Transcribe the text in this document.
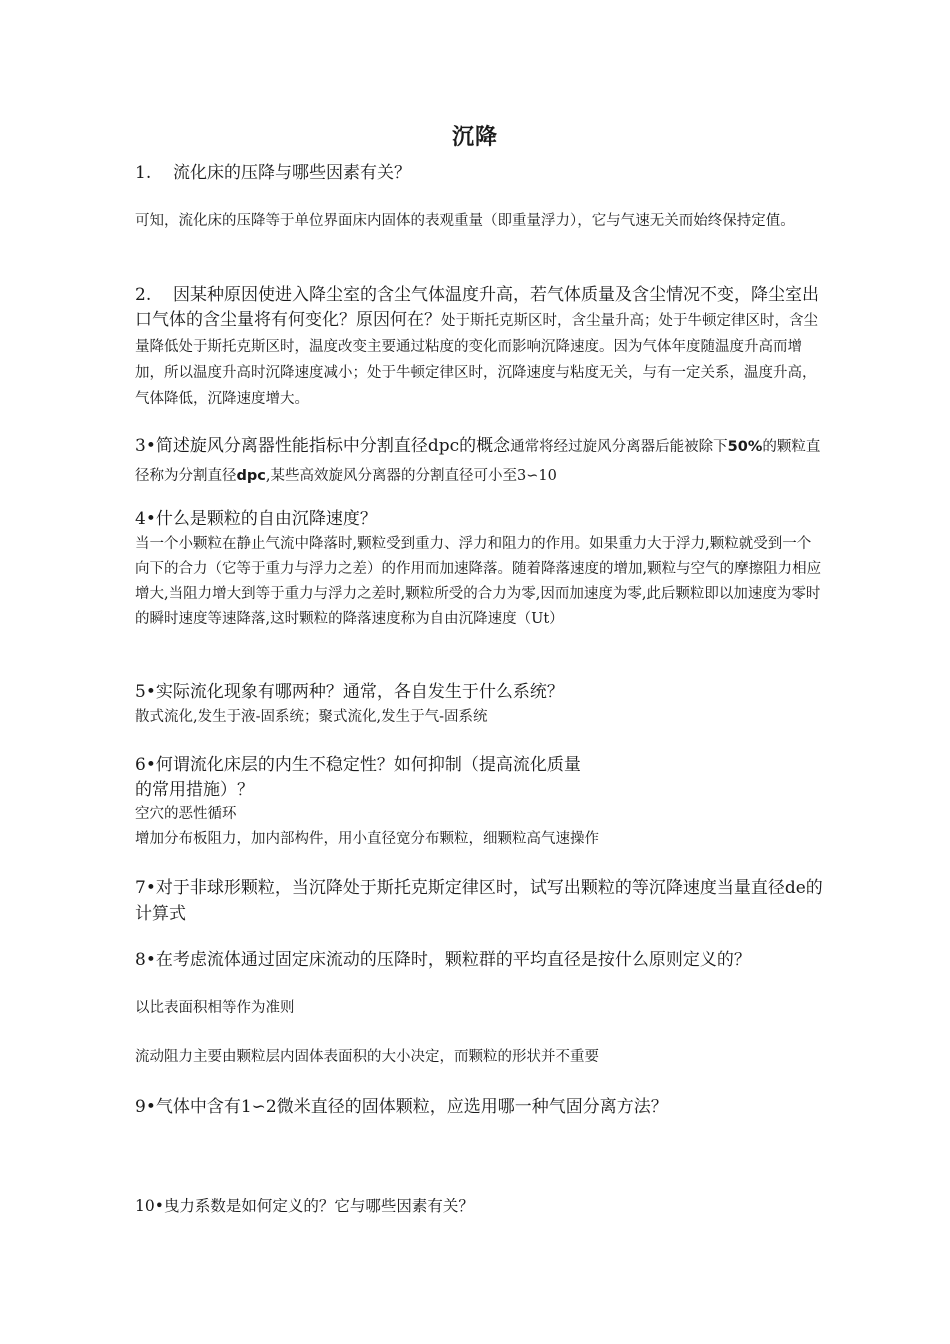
沉降

1. 流化床的压降与哪些因素有关？

可知，流化床的压降等于单位界面床内固体的表观重量（即重量浮力），它与气速无关而始终保持定值。

2. 因某种原因使进入降尘室的含尘气体温度升高，若气体质量及含尘情况不变，降尘室出口气体的含尘量将有何变化？原因何在？处于斯托克斯区时，含尘量升高；处于牛顿定律区时，含尘量降低处于斯托克斯区时，温度改变主要通过粘度的变化而影响沉降速度。因为气体年度随温度升高而增加，所以温度升高时沉降速度减小；处于牛顿定律区时，沉降速度与粘度无关，与有一定关系，温度升高，气体降低，沉降速度增大。

3•简述旋风分离器性能指标中分割直径dpc的概念通常将经过旋风分离器后能被除下50%的颗粒直径称为分割直径dpc,某些高效旋风分离器的分割直径可小至3∽10

4•什么是颗粒的自由沉降速度？

当一个小颗粒在静止气流中降落时,颗粒受到重力、浮力和阻力的作用。如果重力大于浮力,颗粒就受到一个向下的合力（它等于重力与浮力之差）的作用而加速降落。随着降落速度的增加,颗粒与空气的摩擦阻力相应增大,当阻力增大到等于重力与浮力之差时,颗粒所受的合力为零,因而加速度为零,此后颗粒即以加速度为零时的瞬时速度等速降落,这时颗粒的降落速度称为自由沉降速度（Ut）

5•实际流化现象有哪两种？通常，各自发生于什么系统？

散式流化,发生于液-固系统；聚式流化,发生于气-固系统

6•何谓流化床层的内生不稳定性？如何抑制（提高流化质量

的常用措施）？

空穴的恶性循环

增加分布板阻力，加内部构件，用小直径宽分布颗粒，细颗粒高气速操作

7•对于非球形颗粒，当沉降处于斯托克斯定律区时，试写出颗粒的等沉降速度当量直径de的计算式

8•在考虑流体通过固定床流动的压降时，颗粒群的平均直径是按什么原则定义的？

以比表面积相等作为准则

流动阻力主要由颗粒层内固体表面积的大小决定，而颗粒的形状并不重要

9•气体中含有1∽2微米直径的固体颗粒，应选用哪一种气固分离方法？

10•曳力系数是如何定义的？它与哪些因素有关？
